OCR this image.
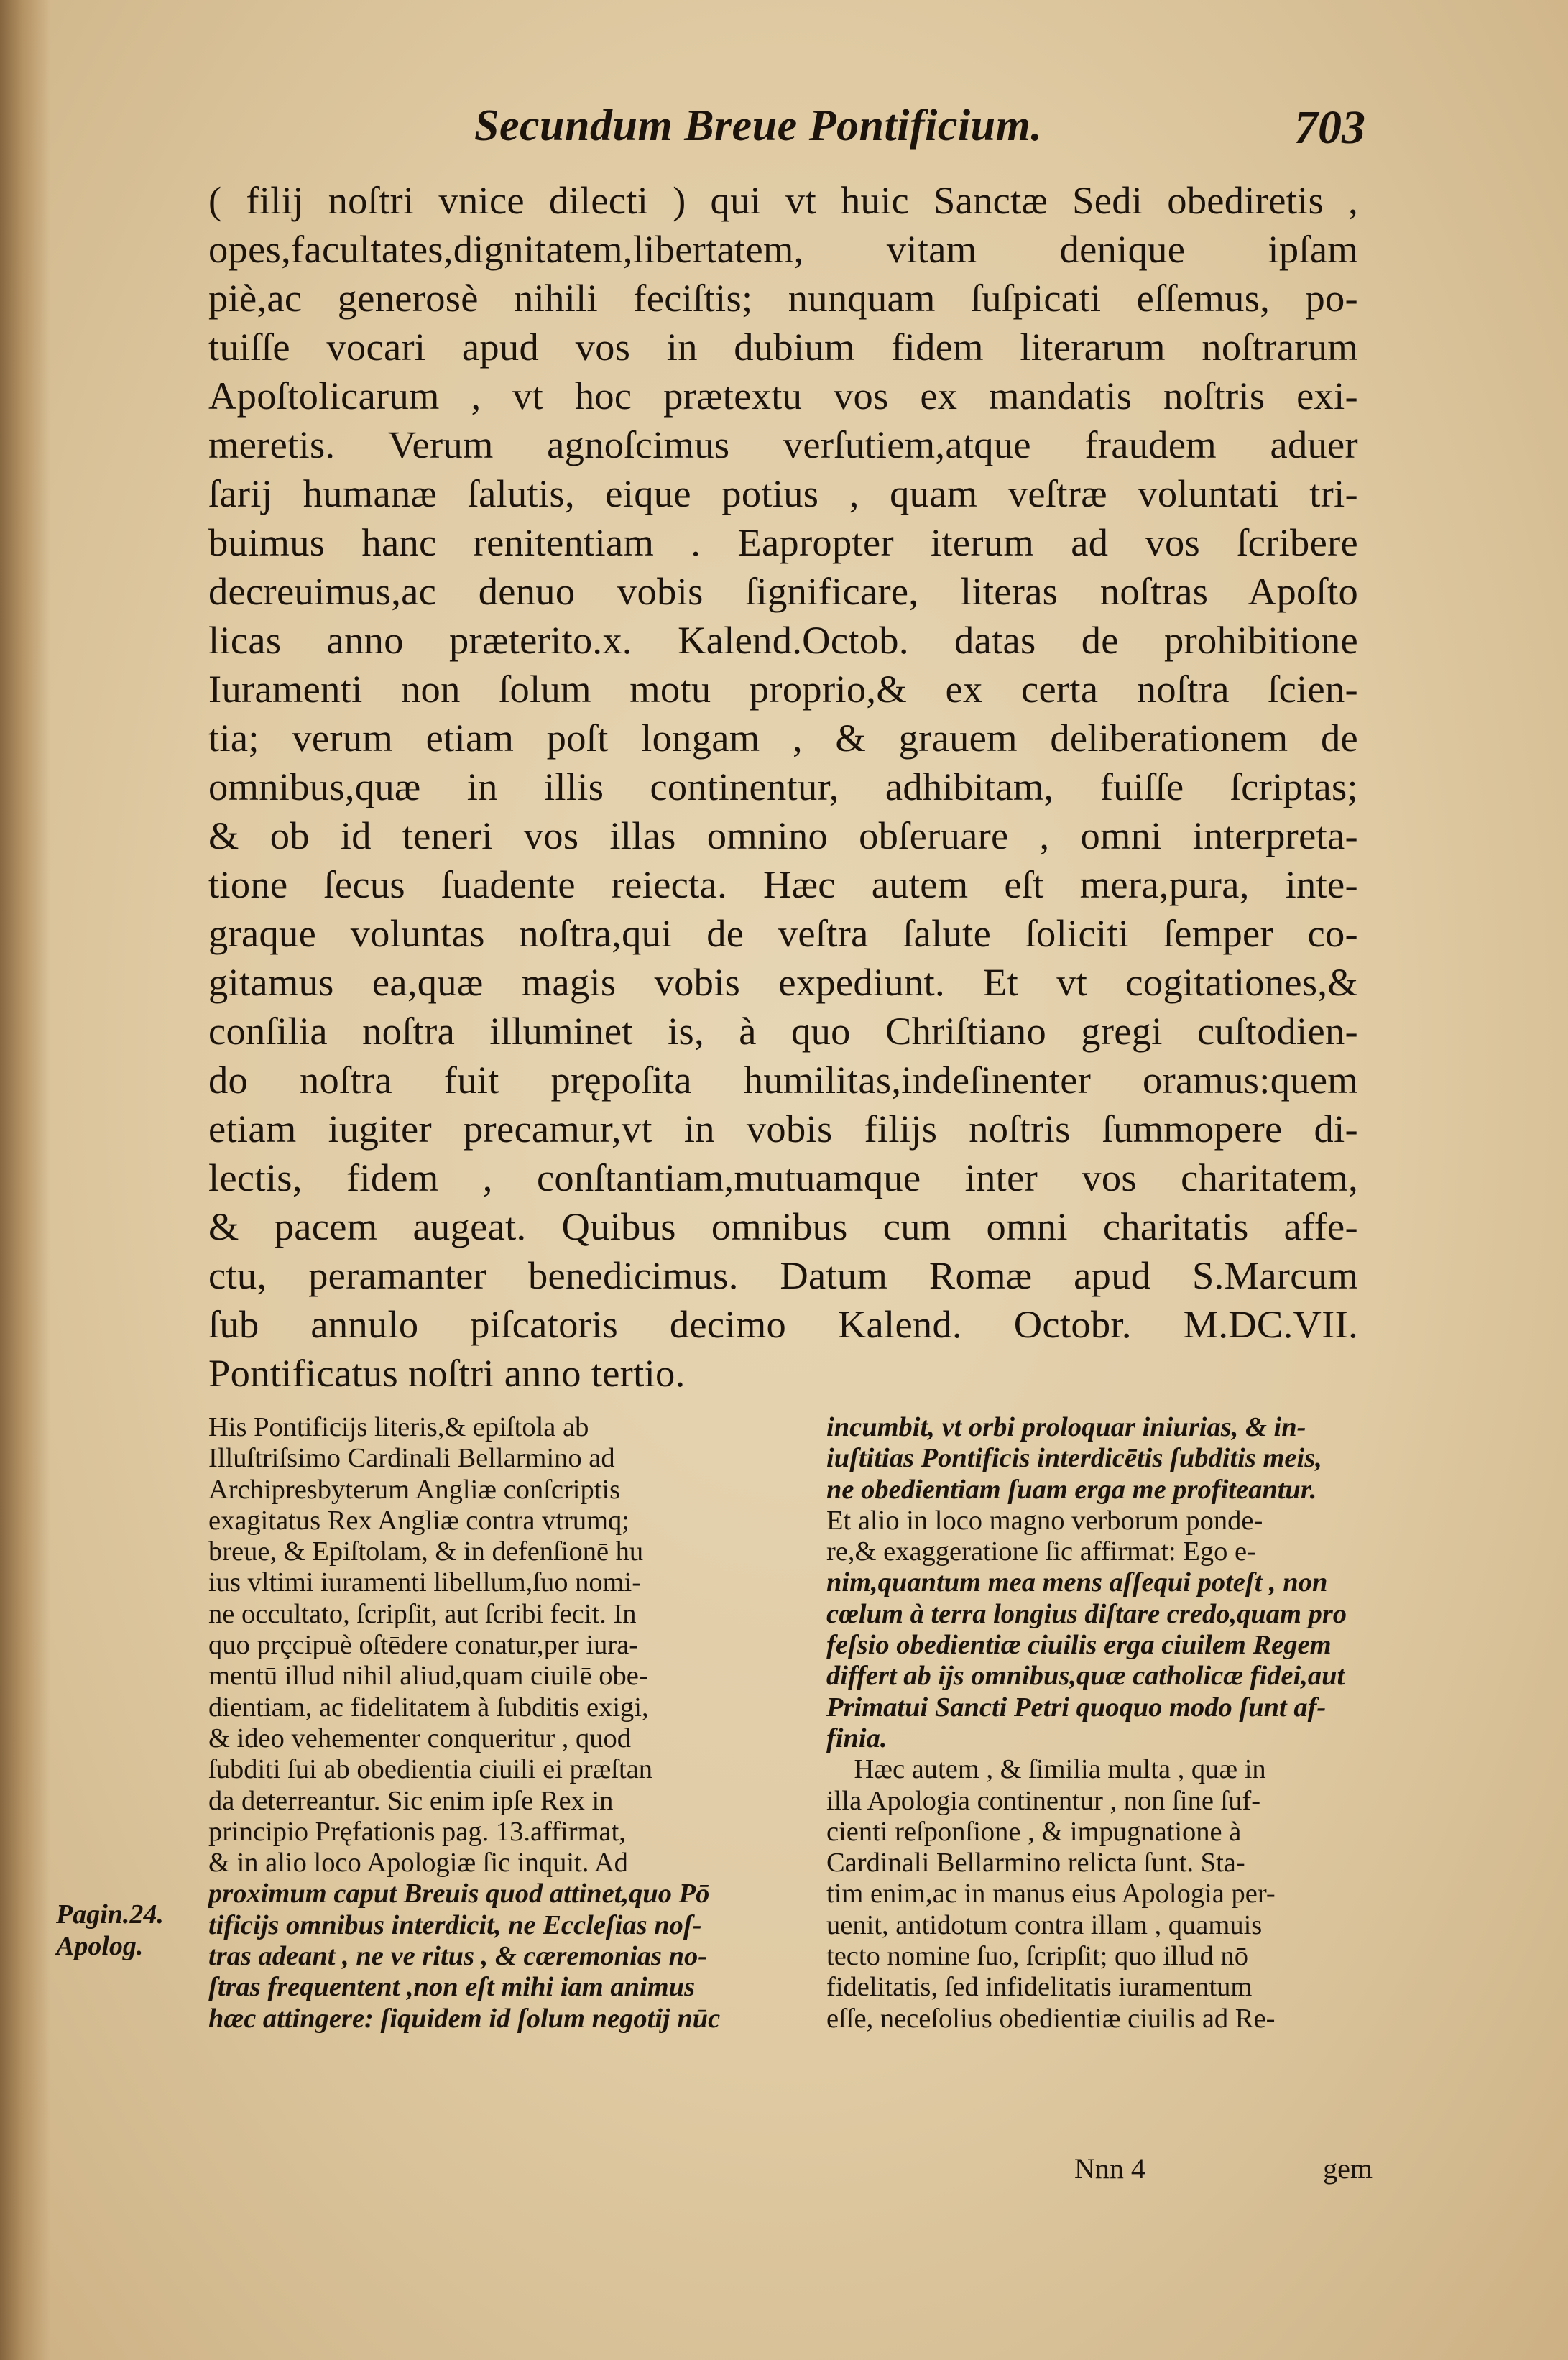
Secundum Breue Pontificium.	703
( filij noſtri vnice dilecti ) qui vt huic Sanctæ Sedi obediretis ,
opes,facultates,dignitatem,libertatem, vitam denique ipſam
piè,ac generosè nihili feciſtis; nunquam ſuſpicati eſſemus, po-
tuiſſe vocari apud vos in dubium fidem literarum noſtrarum
Apoſtolicarum , vt hoc prætextu vos ex mandatis noſtris exi-
meretis. Verum agnoſcimus verſutiem,atque fraudem aduer
ſarij humanæ ſalutis, eique potius , quam veſtræ voluntati tri-
buimus hanc renitentiam . Eapropter iterum ad vos ſcribere
decreuimus,ac denuo vobis ſignificare, literas noſtras Apoſto
licas anno præterito.x. Kalend.Octob. datas de prohibitione
Iuramenti non ſolum motu proprio,& ex certa noſtra ſcien-
tia; verum etiam poſt longam , & grauem deliberationem de
omnibus,quæ in illis continentur, adhibitam, fuiſſe ſcriptas;
& ob id teneri vos illas omnino obſeruare , omni interpreta-
tione ſecus ſuadente reiecta. Hæc autem eſt mera,pura, inte-
graque voluntas noſtra,qui de veſtra ſalute ſoliciti ſemper co-
gitamus ea,quæ magis vobis expediunt. Et vt cogitationes,&
conſilia noſtra illuminet is, à quo Chriſtiano gregi cuſtodien-
do noſtra fuit prępoſita humilitas,indeſinenter oramus:quem
etiam iugiter precamur,vt in vobis filijs noſtris ſummopere di-
lectis, fidem , conſtantiam,mutuamque inter vos charitatem,
& pacem augeat. Quibus omnibus cum omni charitatis affe-
ctu, peramanter benedicimus. Datum Romæ apud S.Marcum
ſub annulo piſcatoris decimo Kalend. Octobr. M.DC.VII.
Pontificatus noſtri anno tertio.
Pagin.24.
Apolog.
His Pontificijs literis,& epiſtola ab
Illuſtriſsimo Cardinali Bellarmino ad
Archipresbyterum Angliæ conſcriptis
exagitatus Rex Angliæ contra vtrumq;
breue, & Epiſtolam, & in defenſionē hu
ius vltimi iuramenti libellum,ſuo nomi-
ne occultato, ſcripſit, aut ſcribi fecit. In
quo prçcipuè oſtēdere conatur,per iura-
mentū illud nihil aliud,quam ciuilē obe-
dientiam, ac fidelitatem à ſubditis exigi,
& ideo vehementer conqueritur , quod
ſubditi ſui ab obedientia ciuili ei præſtan
da deterreantur. Sic enim ipſe Rex in
principio Pręfationis pag. 13.affirmat,
& in alio loco Apologiæ ſic inquit. Ad
proximum caput Breuis quod attinet,quo Pō
tificijs omnibus interdicit, ne Eccleſias noſ-
tras adeant , ne ve ritus , & cæremonias no-
ſtras frequentent ,non eſt mihi iam animus
hæc attingere: ſiquidem id ſolum negotij nūc
incumbit, vt orbi proloquar iniurias, & in-
iuſtitias Pontificis interdicētis ſubditis meis,
ne obedientiam ſuam erga me profiteantur.
Et alio in loco magno verborum ponde-
re,& exaggeratione ſic affirmat: Ego e-
nim,quantum mea mens aſſequi poteſt , non
cœlum à terra longius diſtare credo,quam pro
feſsio obedientiæ ciuilis erga ciuilem Regem
differt ab ijs omnibus,quæ catholicæ fidei,aut
Primatui Sancti Petri quoquo modo ſunt af-
finia.
Hæc autem , & ſimilia multa , quæ in
illa Apologia continentur , non ſine ſuf-
cienti reſponſione , & impugnatione à
Cardinali Bellarmino relicta ſunt. Sta-
tim enim,ac in manus eius Apologia per-
uenit, antidotum contra illam , quamuis
tecto nomine ſuo, ſcripſit; quo illud nō
fidelitatis, ſed infidelitatis iuramentum
eſſe, neceſolius obedientiæ ciuilis ad Re-
Nnn 4	gem
